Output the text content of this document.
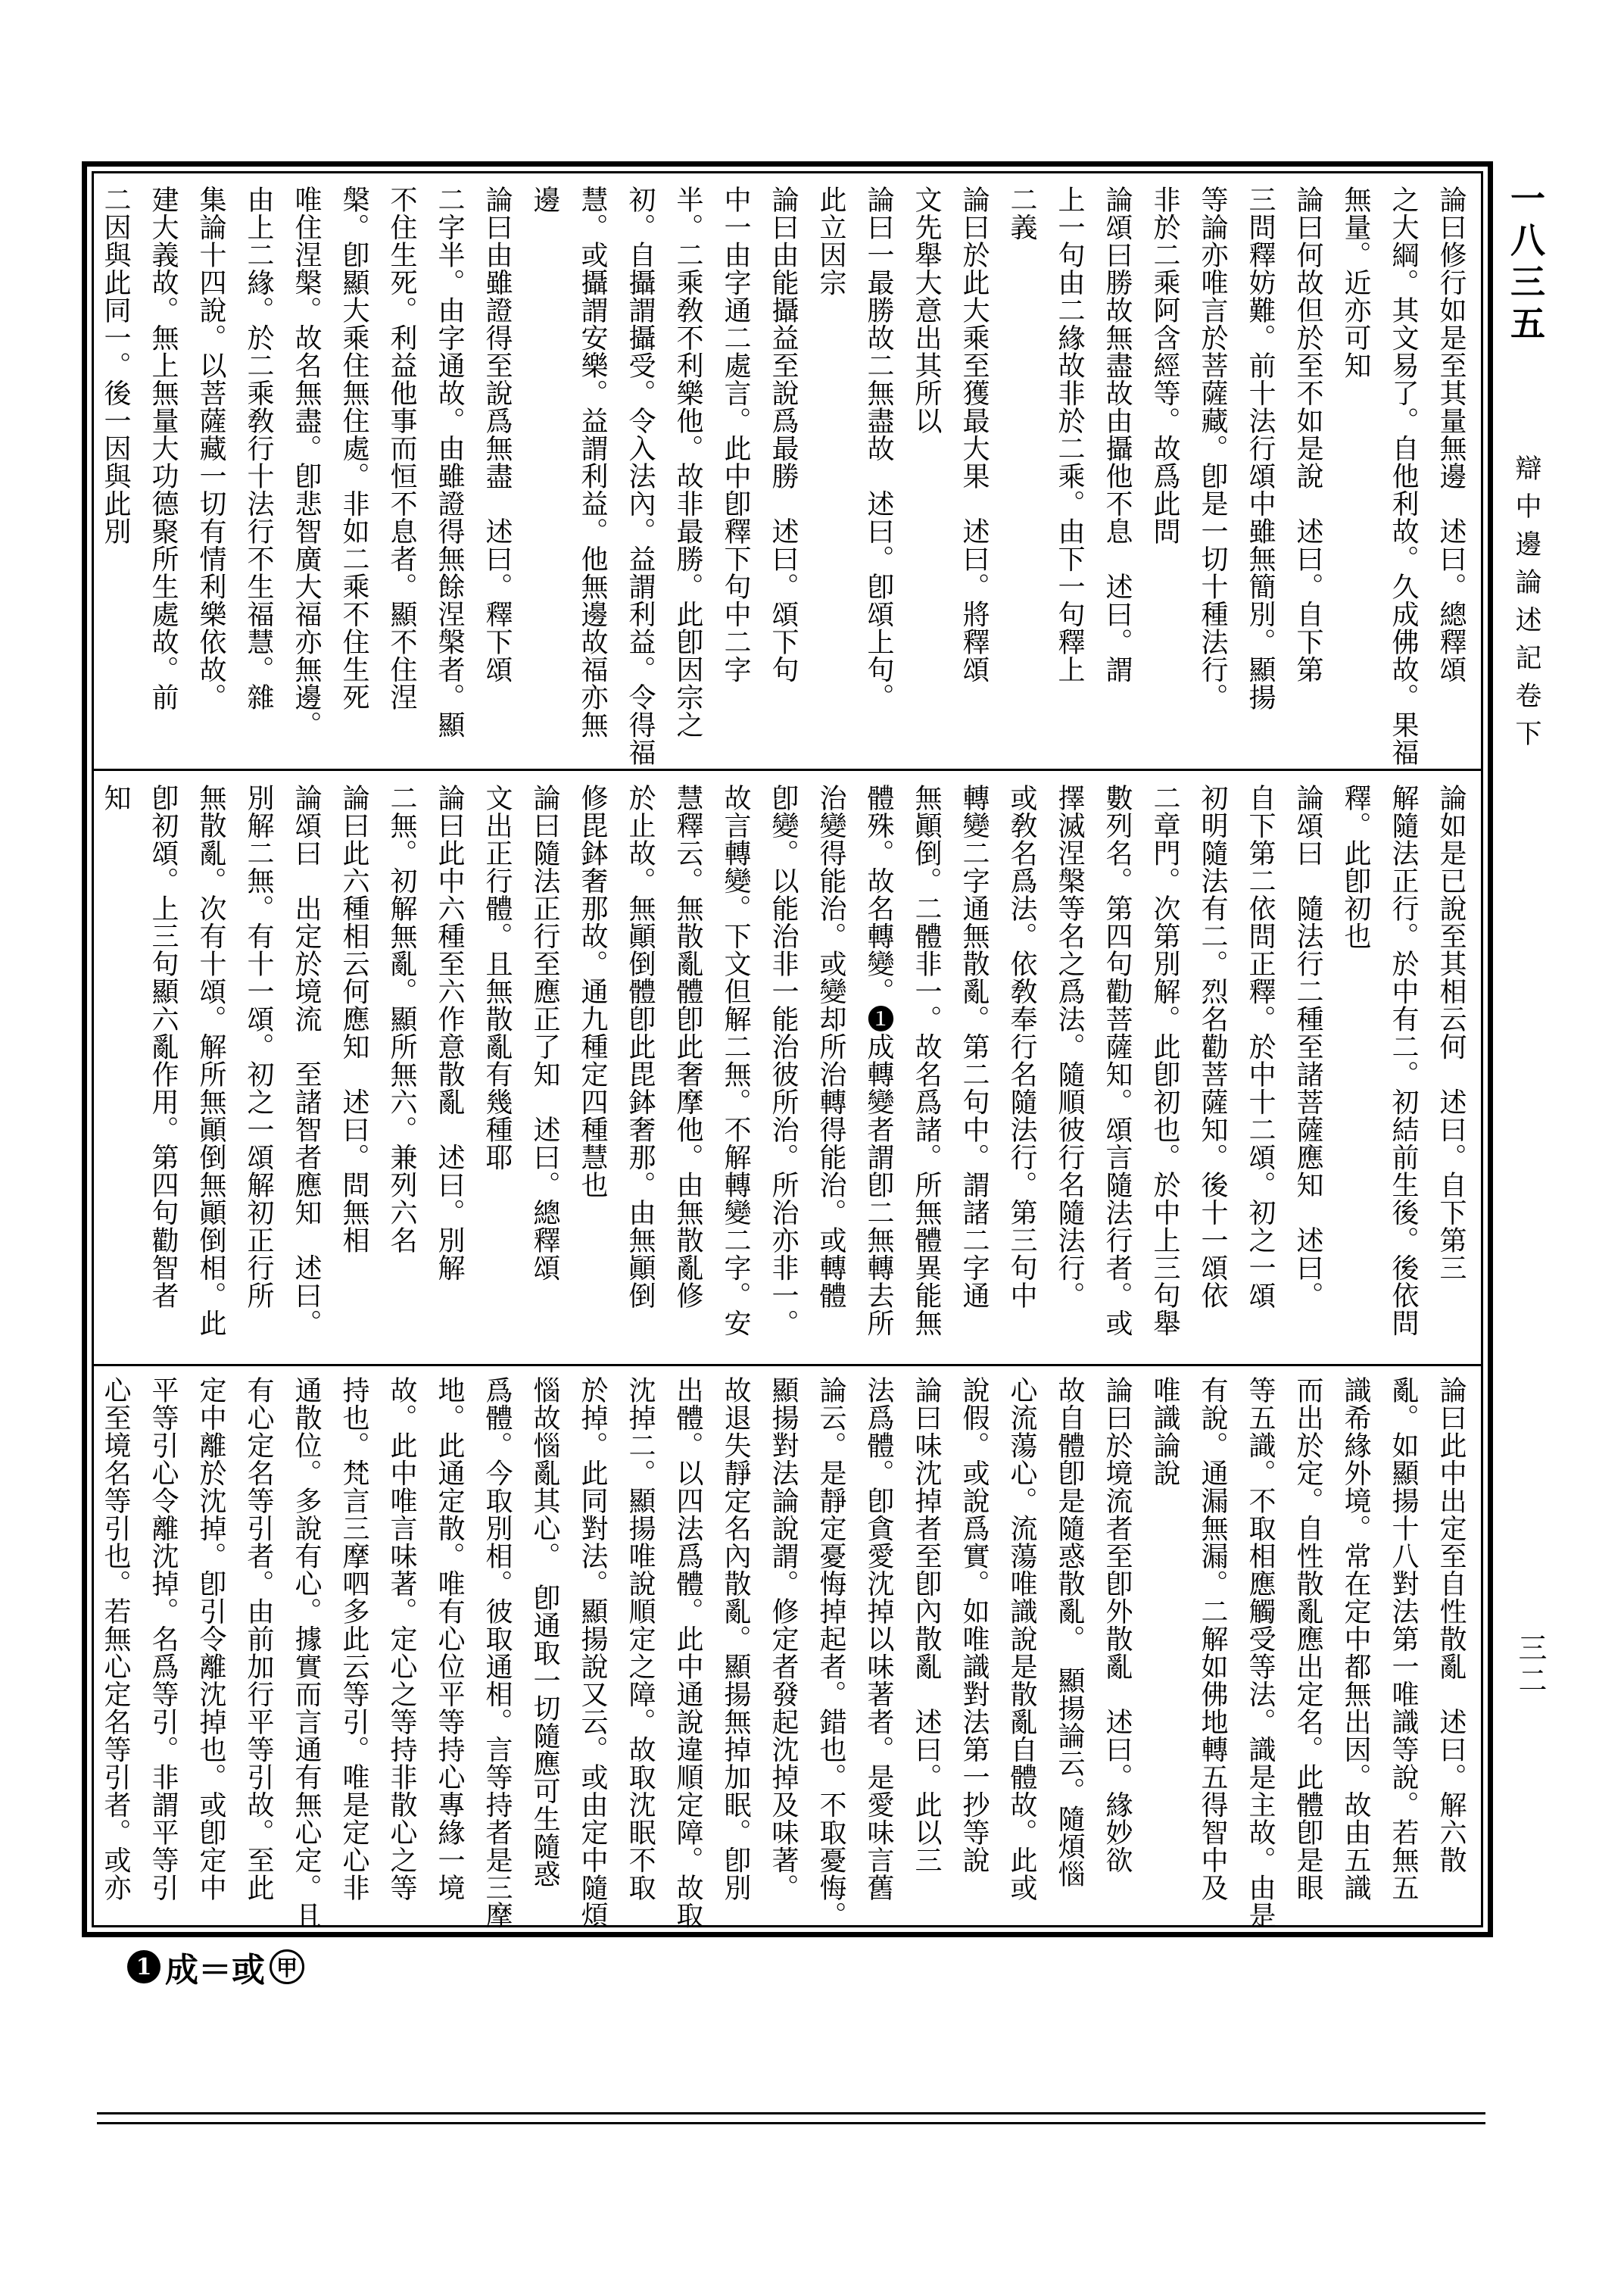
論曰修行如是至其量無邊　述曰。總釋頌
之大綱。其文易了。自他利故。久成佛故。果福
無量。近亦可知
論曰何故但於至不如是說　述曰。自下第
三問釋妨難。前十法行頌中雖無簡別。顯揚
等論亦唯言於菩薩藏。卽是一切十種法行。
非於二乘阿含經等。故爲此問
論頌曰勝故無盡故由攝他不息　述曰。謂
上一句由二緣故非於二乘。由下一句釋上
二義
論曰於此大乘至獲最大果　述曰。將釋頌
文先舉大意出其所以
論曰一最勝故二無盡故　述曰。卽頌上句。
此立因宗
論曰由能攝益至說爲最勝　述曰。頌下句
中一由字通二處言。此中卽釋下句中二字
半。二乘敎不利樂他。故非最勝。此卽因宗之
初。自攝謂攝受。令入法內。益謂利益。令得福
慧。或攝謂安樂。益謂利益。他無邊故福亦無
邊
論曰由雖證得至說爲無盡　述曰。釋下頌
二字半。由字通故。由雖證得無餘涅槃者。顯
不住生死。利益他事而恒不息者。顯不住涅
槃。卽顯大乘住無住處。非如二乘不住生死
唯住涅槃。故名無盡。卽悲智廣大福亦無邊。
由上二緣。於二乘敎行十法行不生福慧。雜
集論十四說。以菩薩藏一切有情利樂依故。
建大義故。無上無量大功德聚所生處故。前
二因與此同一。後一因與此別
論如是已說至其相云何　述曰。自下第三
解隨法正行。於中有二。初結前生後。後依問
釋。此卽初也
論頌曰　隨法行二種至諸菩薩應知　述曰。
自下第二依問正釋。於中十二頌。初之一頌
初明隨法有二。烈名勸菩薩知。後十一頌依
二章門。次第別解。此卽初也。於中上三句舉
數列名。第四句勸菩薩知。頌言隨法行者。或
擇滅涅槃等名之爲法。隨順彼行名隨法行。
或敎名爲法。依敎奉行名隨法行。第三句中
轉變二字通無散亂。第二句中。謂諸二字通
無顚倒。二體非一。故名爲諸。所無體異能無
體殊。故名轉變。❶成轉變者謂卽二無轉去所
治變得能治。或變却所治轉得能治。或轉體
卽變。以能治非一能治彼所治。所治亦非一。
故言轉變。下文但解二無。不解轉變二字。安
慧釋云。無散亂體卽此奢摩他。由無散亂修
於止故。無顚倒體卽此毘鉢奢那。由無顚倒
修毘鉢奢那故。通九種定四種慧也
論曰隨法正行至應正了知　述曰。總釋頌
文出正行體。且無散亂有幾種耶
論曰此中六種至六作意散亂　述曰。別解
二無。初解無亂。顯所無六。兼列六名
論曰此六種相云何應知　述曰。問無相
論頌曰　出定於境流　至諸智者應知　述曰。
別解二無。有十一頌。初之一頌解初正行所
無散亂。次有十頌。解所無顚倒無顚倒相。此
卽初頌。上三句顯六亂作用。第四句勸智者
知
論曰此中出定至自性散亂　述曰。解六散
亂。如顯揚十八對法第一唯識等說。若無五
識希緣外境。常在定中都無出因。故由五識
而出於定。自性散亂應出定名。此體卽是眼
等五識。不取相應觸受等法。識是主故。由是
有說。通漏無漏。二解如佛地轉五得智中及
唯識論說
論曰於境流者至卽外散亂　述曰。緣妙欲
故自體卽是隨惑散亂。　顯揚論云。隨煩惱
心流蕩心。流蕩唯識說是散亂自體故。此或
說假。或說爲實。如唯識對法第一抄等說
論曰味沈掉者至卽內散亂　述曰。此以三
法爲體。卽貪愛沈掉以味著者。是愛味言舊
論云。是靜定憂悔掉起者。錯也。不取憂悔。
顯揚對法論說謂。修定者發起沈掉及味著。
故退失靜定名內散亂。顯揚無掉加眠。卽別
出體。以四法爲體。此中通說違順定障。故取
沈掉二。顯揚唯說順定之障。故取沈眠不取
於掉。此同對法。顯揚說又云。或由定中隨煩
惱故惱亂其心。　卽通取一切隨應可生隨惑
爲體。今取別相。彼取通相。言等持者是三摩
地。此通定散。唯有心位平等持心專緣一境
故。此中唯言味著。定心之等持非散心之等
持也。梵言三摩呬多此云等引。唯是定心非
通散位。多說有心。據實而言通有無心定。且
有心定名等引者。由前加行平等引故。至此
定中離於沈掉。卽引令離沈掉也。或卽定中
平等引心令離沈掉。名爲等引。非謂平等引
心至境名等引也。若無心定名等引者。或亦
一八三五
辯中邊論述記卷下
三二
1 成＝或 甲
